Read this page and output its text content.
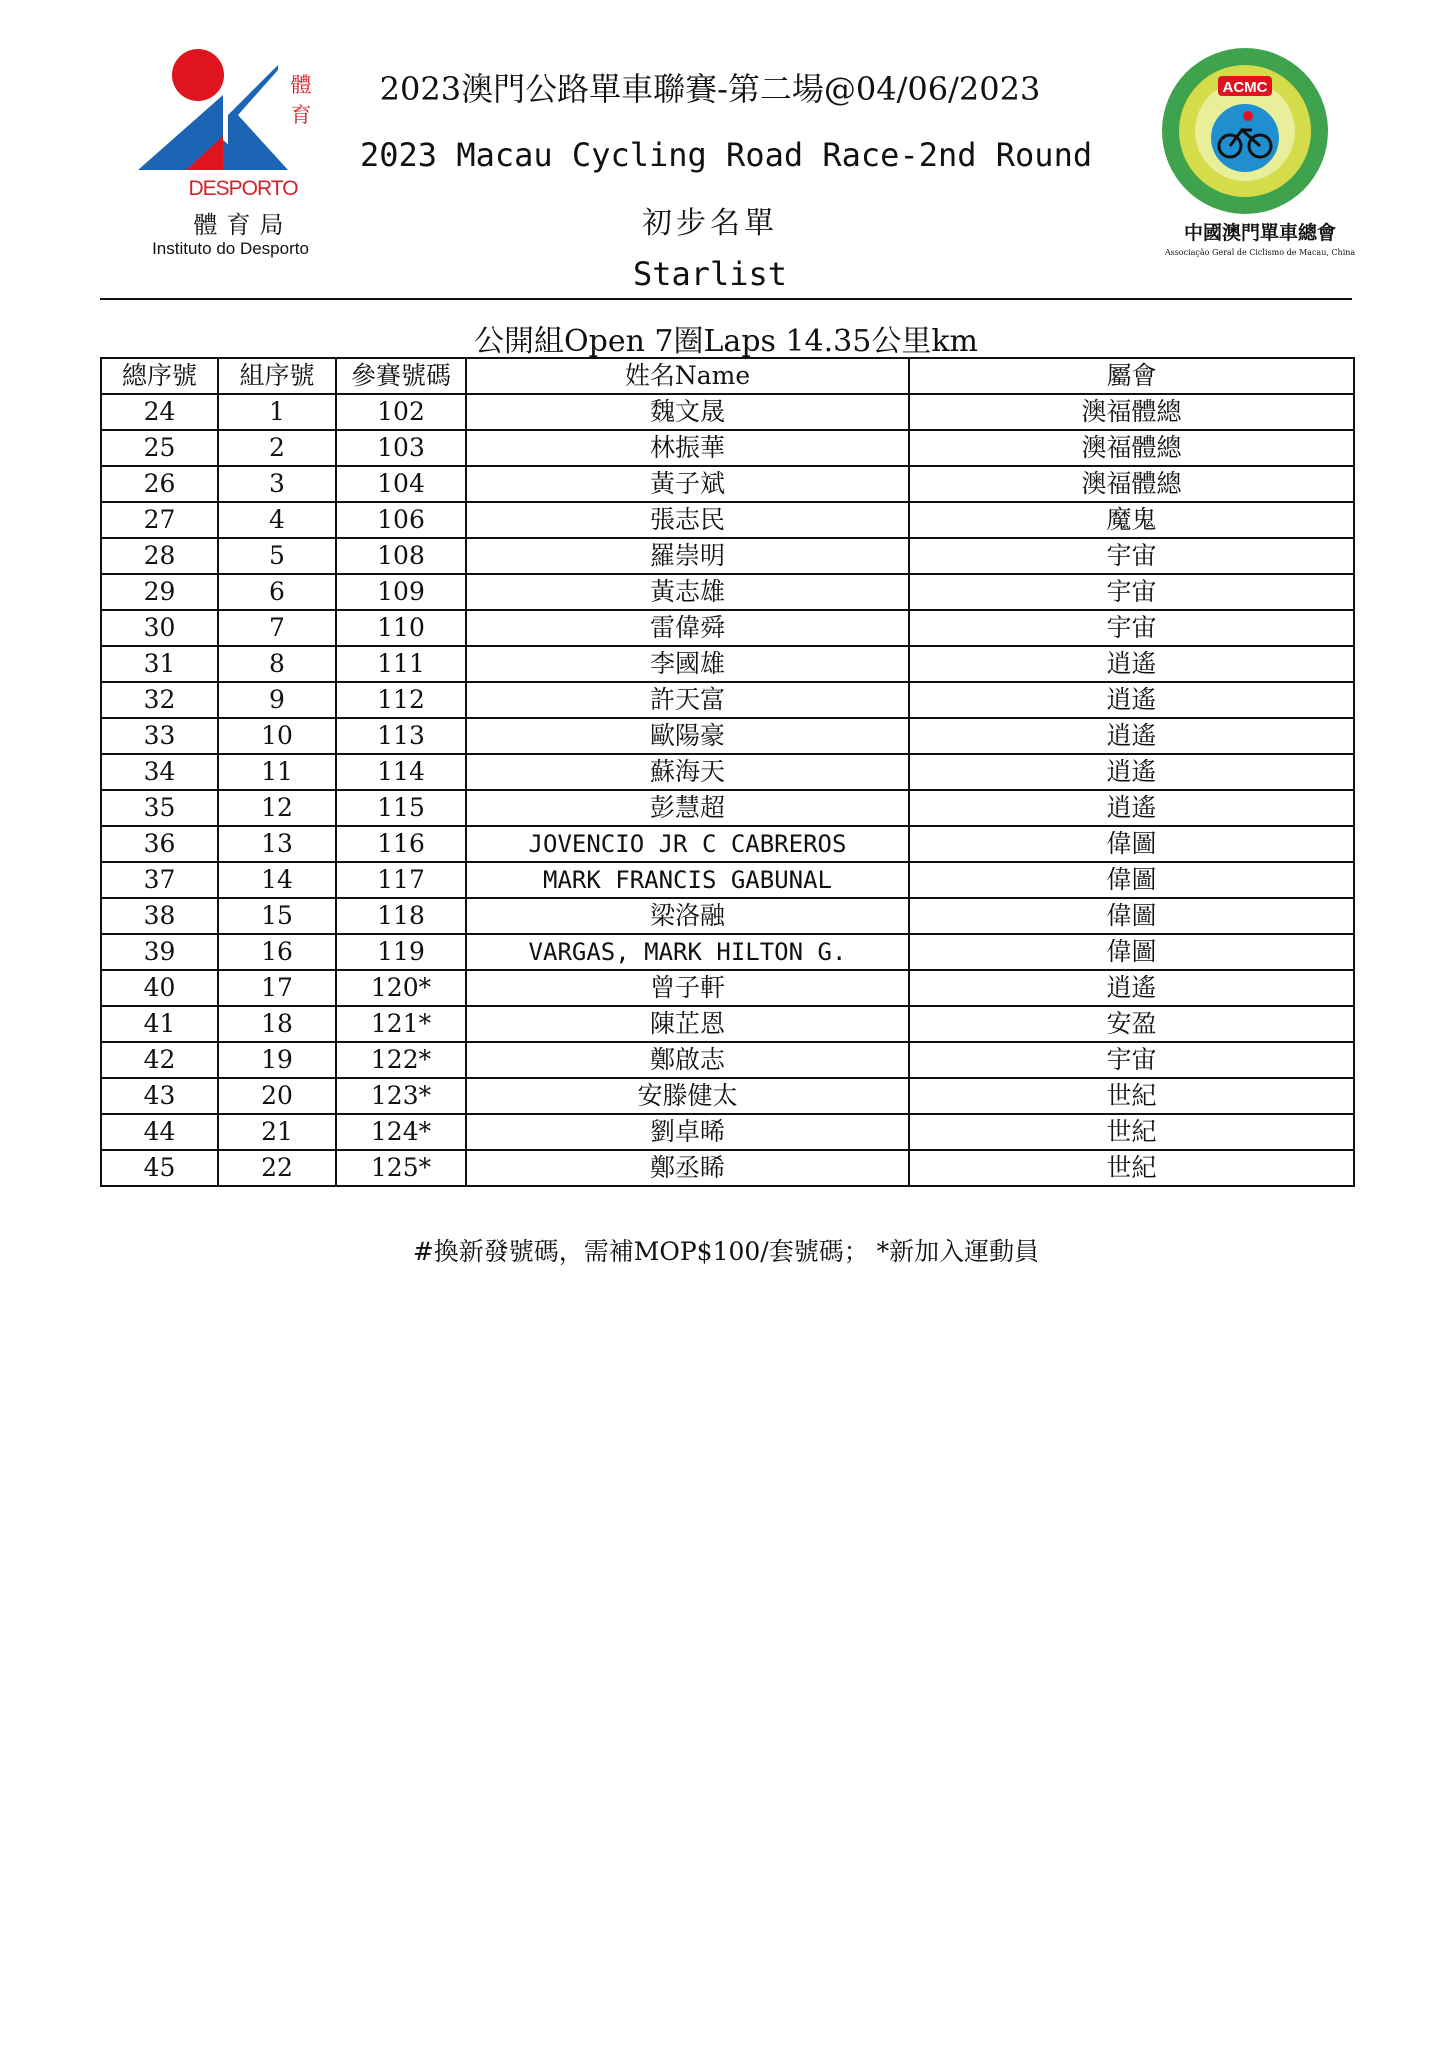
體育
DESPORTO
體育局
Instituto do Desporto
2023澳門公路單車聯賽-第二場@04/06/2023
2023 Macau Cycling Road Race-2nd Round
初步名單
Starlist
ACMC
中國澳門單車總會
Associação Geral de Ciclismo de Macau, China
公開組Open 7圈Laps 14.35公里km
總序號	組序號	參賽號碼	姓名Name	屬會
24	1	102	魏文晟	澳福體總
25	2	103	林振華	澳福體總
26	3	104	黃子斌	澳福體總
27	4	106	張志民	魔鬼
28	5	108	羅崇明	宇宙
29	6	109	黃志雄	宇宙
30	7	110	雷偉舜	宇宙
31	8	111	李國雄	逍遙
32	9	112	許天富	逍遙
33	10	113	歐陽豪	逍遙
34	11	114	蘇海天	逍遙
35	12	115	彭慧超	逍遙
36	13	116	JOVENCIO JR C CABREROS	偉圖
37	14	117	MARK FRANCIS GABUNAL	偉圖
38	15	118	梁洛融	偉圖
39	16	119	VARGAS, MARK HILTON G.	偉圖
40	17	120*	曾子軒	逍遙
41	18	121*	陳芷恩	安盈
42	19	122*	鄭啟志	宇宙
43	20	123*	安滕健太	世紀
44	21	124*	劉卓晞	世紀
45	22	125*	鄭丞睎	世紀
#換新發號碼，需補MOP$100/套號碼； *新加入運動員
